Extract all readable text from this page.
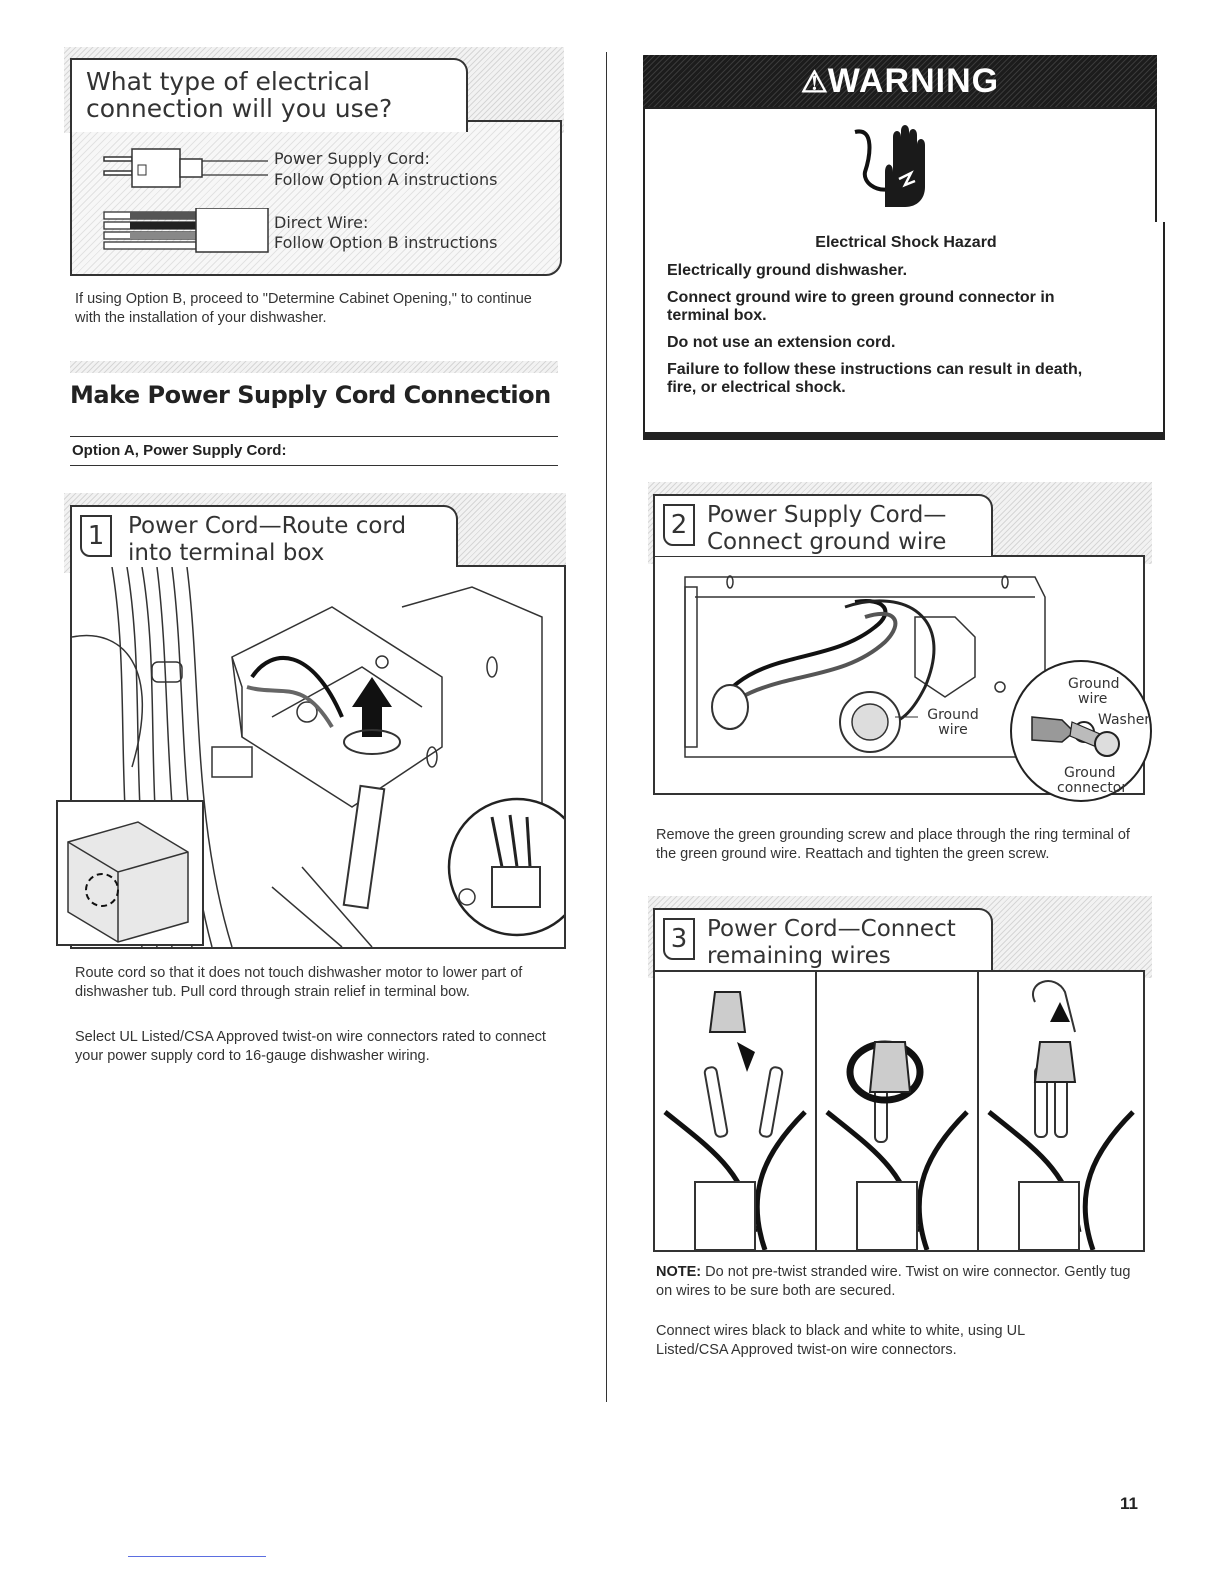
What type of electrical
connection will you use?
Power Supply Cord:
Follow Option A instructions
Direct Wire:
Follow Option B instructions
If using Option B, proceed to "Determine Cabinet Opening," to continue with the installation of your dishwasher.
Make Power Supply Cord Connection
Option A, Power Supply Cord:
1	Power Cord—Route cord
into terminal box
Route cord so that it does not touch dishwasher motor to lower part of dishwasher tub. Pull cord through strain relief in terminal bow.
Select UL Listed/CSA Approved twist-on wire connectors rated to connect your power supply cord to 16-gauge dishwasher wiring.
⚠WARNING
Electrical Shock Hazard
Electrically ground dishwasher.
Connect ground wire to green ground connector in terminal box.
Do not use an extension cord.
Failure to follow these instructions can result in death, fire, or electrical shock.
Ground
wire
Washer
Ground
connector
Ground wire
2 Power Supply Cord—
Connect ground wire
Remove the green grounding screw and place through the ring terminal of the green ground wire. Reattach and tighten the green screw.
3 Power Cord—Connect
remaining wires
NOTE: Do not pre-twist stranded wire. Twist on wire connector. Gently tug on wires to be sure both are secured.
Connect wires black to black and white to white, using UL Listed/CSA Approved twist-on wire connectors.
11
